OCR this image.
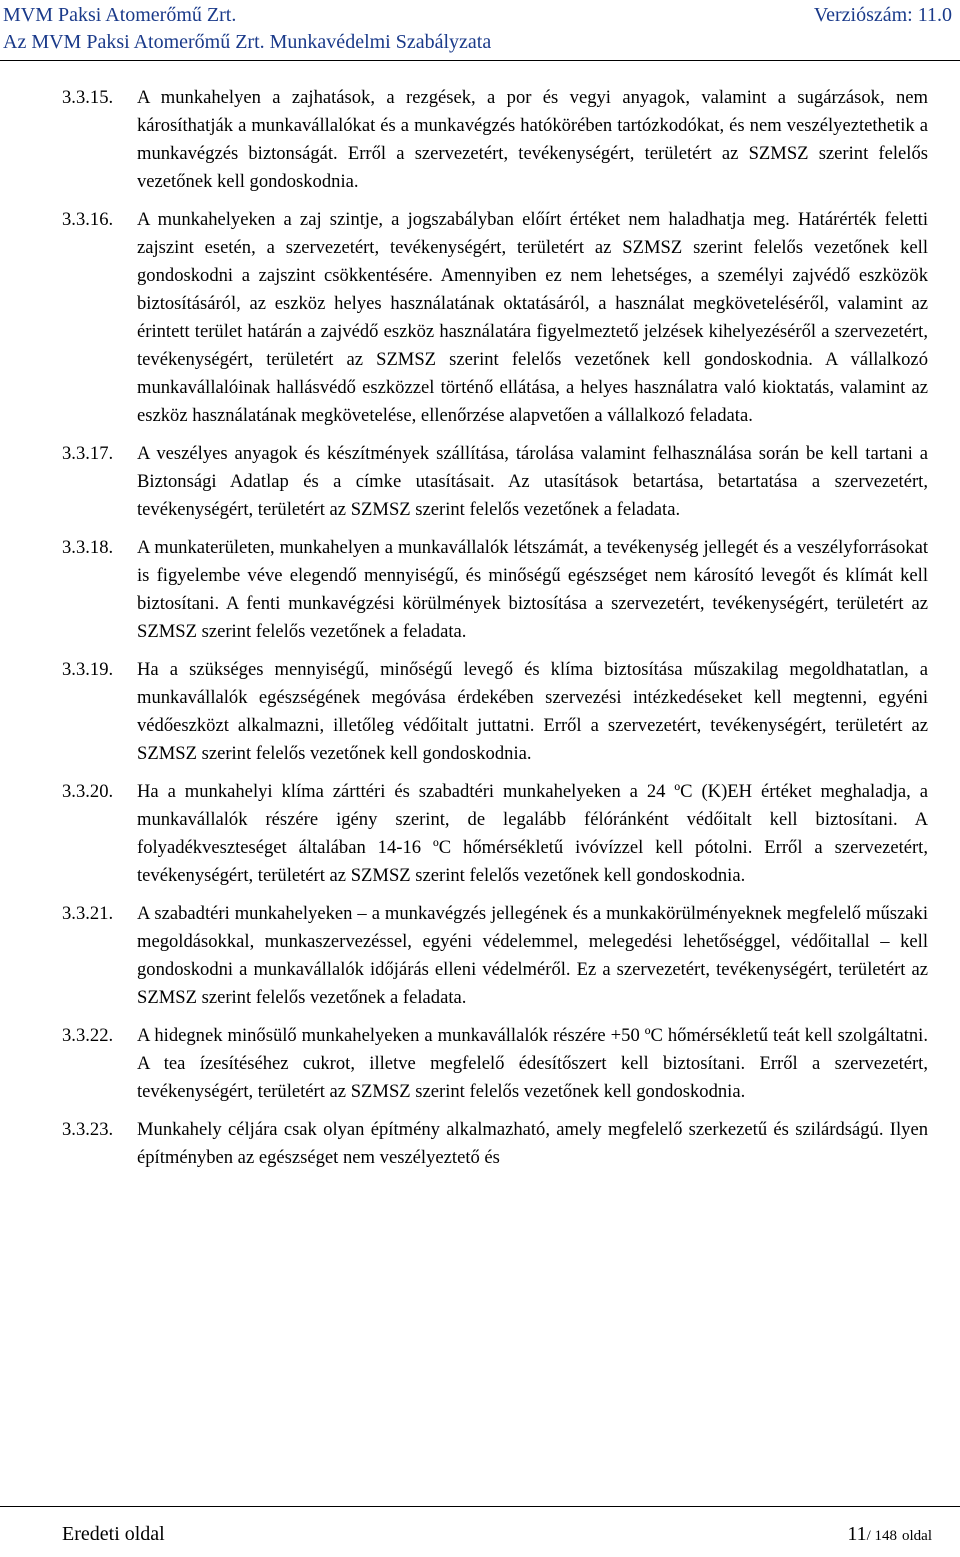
MVM Paksi Atomerőmű Zrt.	Verziószám: 11.0
Az MVM Paksi Atomerőmű Zrt. Munkavédelmi Szabályzata
3.3.15.	A munkahelyen a zajhatások, a rezgések, a por és vegyi anyagok, valamint a sugárzások, nem károsíthatják a munkavállalókat és a munkavégzés hatókörében tartózkodókat, és nem veszélyeztethetik a munkavégzés biztonságát. Erről a szervezetért, tevékenységért, területért az SZMSZ szerint felelős vezetőnek kell gondoskodnia.

3.3.16.	A munkahelyeken a zaj szintje, a jogszabályban előírt értéket nem haladhatja meg. Határérték feletti zajszint esetén, a szervezetért, tevékenységért, területért az SZMSZ szerint felelős vezetőnek kell gondoskodni a zajszint csökkentésére. Amennyiben ez nem lehetséges, a személyi zajvédő eszközök biztosításáról, az eszköz helyes használatának oktatásáról, a használat megköveteléséről, valamint az érintett terület határán a zajvédő eszköz használatára figyelmeztető jelzések kihelyezéséről a szervezetért, tevékenységért, területért az SZMSZ szerint felelős vezetőnek kell gondoskodnia. A vállalkozó munkavállalóinak hallásvédő eszközzel történő ellátása, a helyes használatra való kioktatás, valamint az eszköz használatának megkövetelése, ellenőrzése alapvetően a vállalkozó feladata.

3.3.17.	A veszélyes anyagok és készítmények szállítása, tárolása valamint felhasználása során be kell tartani a Biztonsági Adatlap és a címke utasításait. Az utasítások betartása, betartatása a szervezetért, tevékenységért, területért az SZMSZ szerint felelős vezetőnek a feladata.

3.3.18.	A munkaterületen, munkahelyen a munkavállalók létszámát, a tevékenység jellegét és a veszélyforrásokat is figyelembe véve elegendő mennyiségű, és minőségű egészséget nem károsító levegőt és klímát kell biztosítani. A fenti munkavégzési körülmények biztosítása a szervezetért, tevékenységért, területért az SZMSZ szerint felelős vezetőnek a feladata.

3.3.19.	Ha a szükséges mennyiségű, minőségű levegő és klíma biztosítása műszakilag megoldhatatlan, a munkavállalók egészségének megóvása érdekében szervezési intézkedéseket kell megtenni, egyéni védőeszközt alkalmazni, illetőleg védőitalt juttatni. Erről a szervezetért, tevékenységért, területért az SZMSZ szerint felelős vezetőnek kell gondoskodnia.

3.3.20.	Ha a munkahelyi klíma zárttéri és szabadtéri munkahelyeken a 24 ºC (K)EH értéket meghaladja, a munkavállalók részére igény szerint, de legalább félóránként védőitalt kell biztosítani. A folyadékveszteséget általában 14-16 ºC hőmérsékletű ivóvízzel kell pótolni. Erről a szervezetért, tevékenységért, területért az SZMSZ szerint felelős vezetőnek kell gondoskodnia.

3.3.21.	A szabadtéri munkahelyeken – a munkavégzés jellegének és a munkakörülményeknek megfelelő műszaki megoldásokkal, munkaszervezéssel, egyéni védelemmel, melegedési lehetőséggel, védőitallal – kell gondoskodni a munkavállalók időjárás elleni védelméről. Ez a szervezetért, tevékenységért, területért az SZMSZ szerint felelős vezetőnek a feladata.

3.3.22.	A hidegnek minősülő munkahelyeken a munkavállalók részére +50 ºC hőmérsékletű teát kell szolgáltatni. A tea ízesítéséhez cukrot, illetve megfelelő édesítőszert kell biztosítani. Erről a szervezetért, tevékenységért, területért az SZMSZ szerint felelős vezetőnek kell gondoskodnia.

3.3.23.	Munkahely céljára csak olyan építmény alkalmazható, amely megfelelő szerkezetű és szilárdságú. Ilyen építményben az egészséget nem veszélyeztető és

Eredeti oldal	11/ 148 oldal
